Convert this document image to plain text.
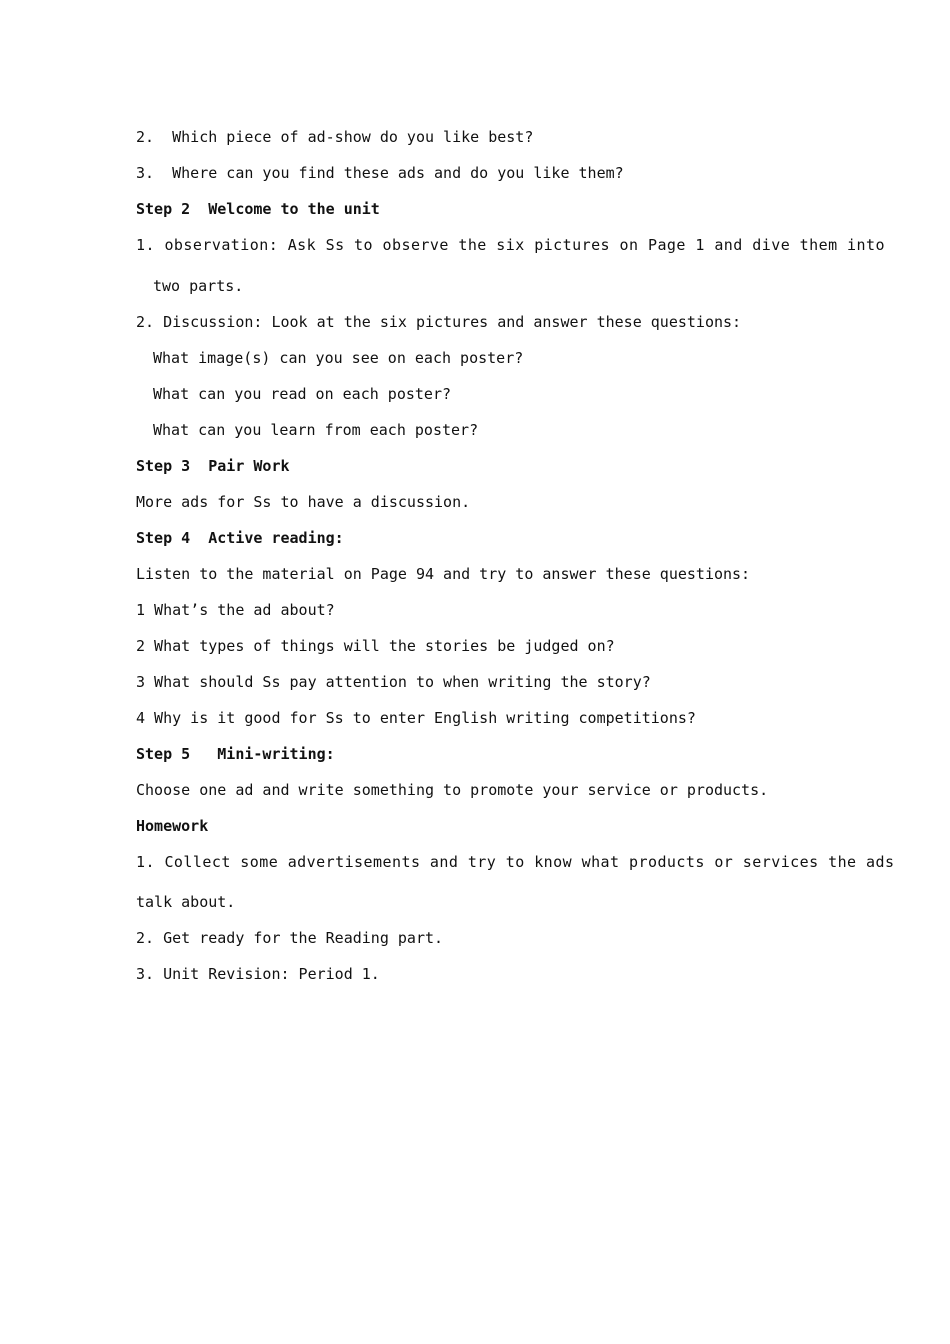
2.  Which piece of ad-show do you like best?
3.  Where can you find these ads and do you like them?
Step 2  Welcome to the unit
1. observation: Ask Ss to observe the six pictures on Page 1 and dive them into
two parts.
2. Discussion: Look at the six pictures and answer these questions:
What image(s) can you see on each poster?
What can you read on each poster?
What can you learn from each poster?
Step 3  Pair Work
More ads for Ss to have a discussion.
Step 4  Active reading:
Listen to the material on Page 94 and try to answer these questions:
1 What’s the ad about?
2 What types of things will the stories be judged on?
3 What should Ss pay attention to when writing the story?
4 Why is it good for Ss to enter English writing competitions?
Step 5   Mini-writing:
Choose one ad and write something to promote your service or products.
Homework
1. Collect some advertisements and try to know what products or services the ads
talk about.
2. Get ready for the Reading part.
3. Unit Revision: Period 1.
